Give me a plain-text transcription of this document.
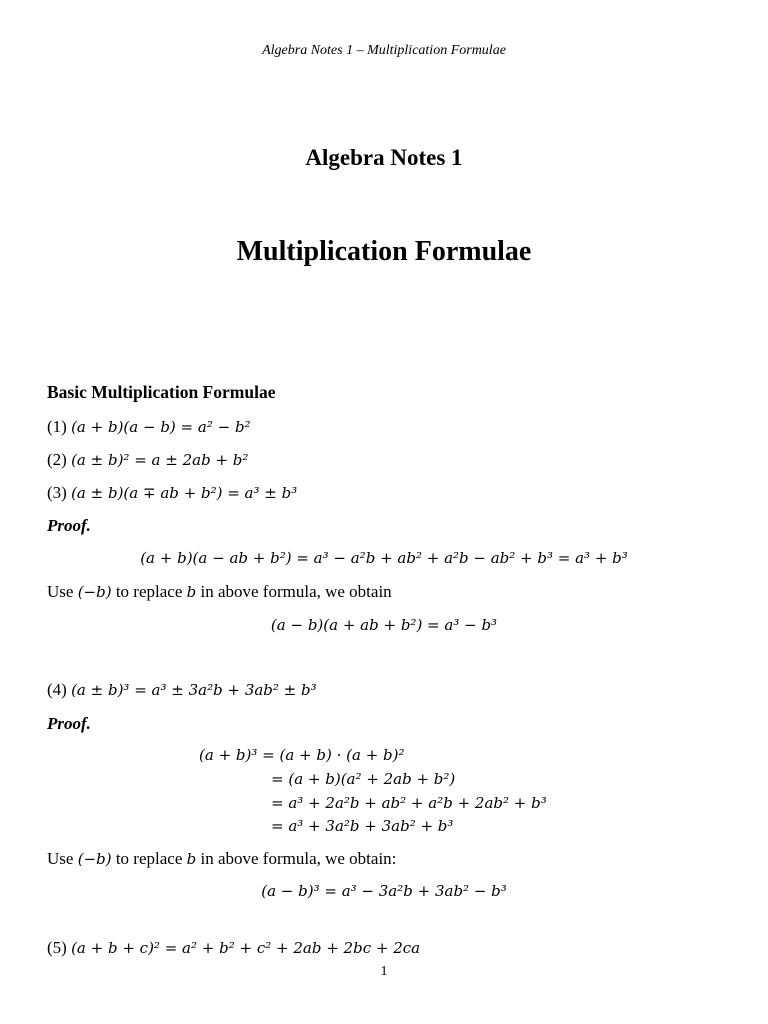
Algebra Notes 1 – Multiplication Formulae
Algebra Notes 1
Multiplication Formulae
Basic Multiplication Formulae
(1) (a + b)(a − b) = a² − b²
(2) (a ± b)² = a ± 2ab + b²
(3) (a ± b)(a ∓ ab + b²) = a³ ± b³
Proof.
(a + b)(a − ab + b²) = a³ − a²b + ab² + a²b − ab² + b³ = a³ + b³
Use (−b) to replace b in above formula, we obtain
(a − b)(a + ab + b²) = a³ − b³
(4) (a ± b)³ = a³ ± 3a²b + 3ab² ± b³
Proof.
(a + b)³ = (a + b) · (a + b)²
= (a + b)(a² + 2ab + b²)
= a³ + 2a²b + ab² + a²b + 2ab² + b³
= a³ + 3a²b + 3ab² + b³
Use (−b) to replace b in above formula, we obtain:
(a − b)³ = a³ − 3a²b + 3ab² − b³
(5) (a + b + c)² = a² + b² + c² + 2ab + 2bc + 2ca
1
